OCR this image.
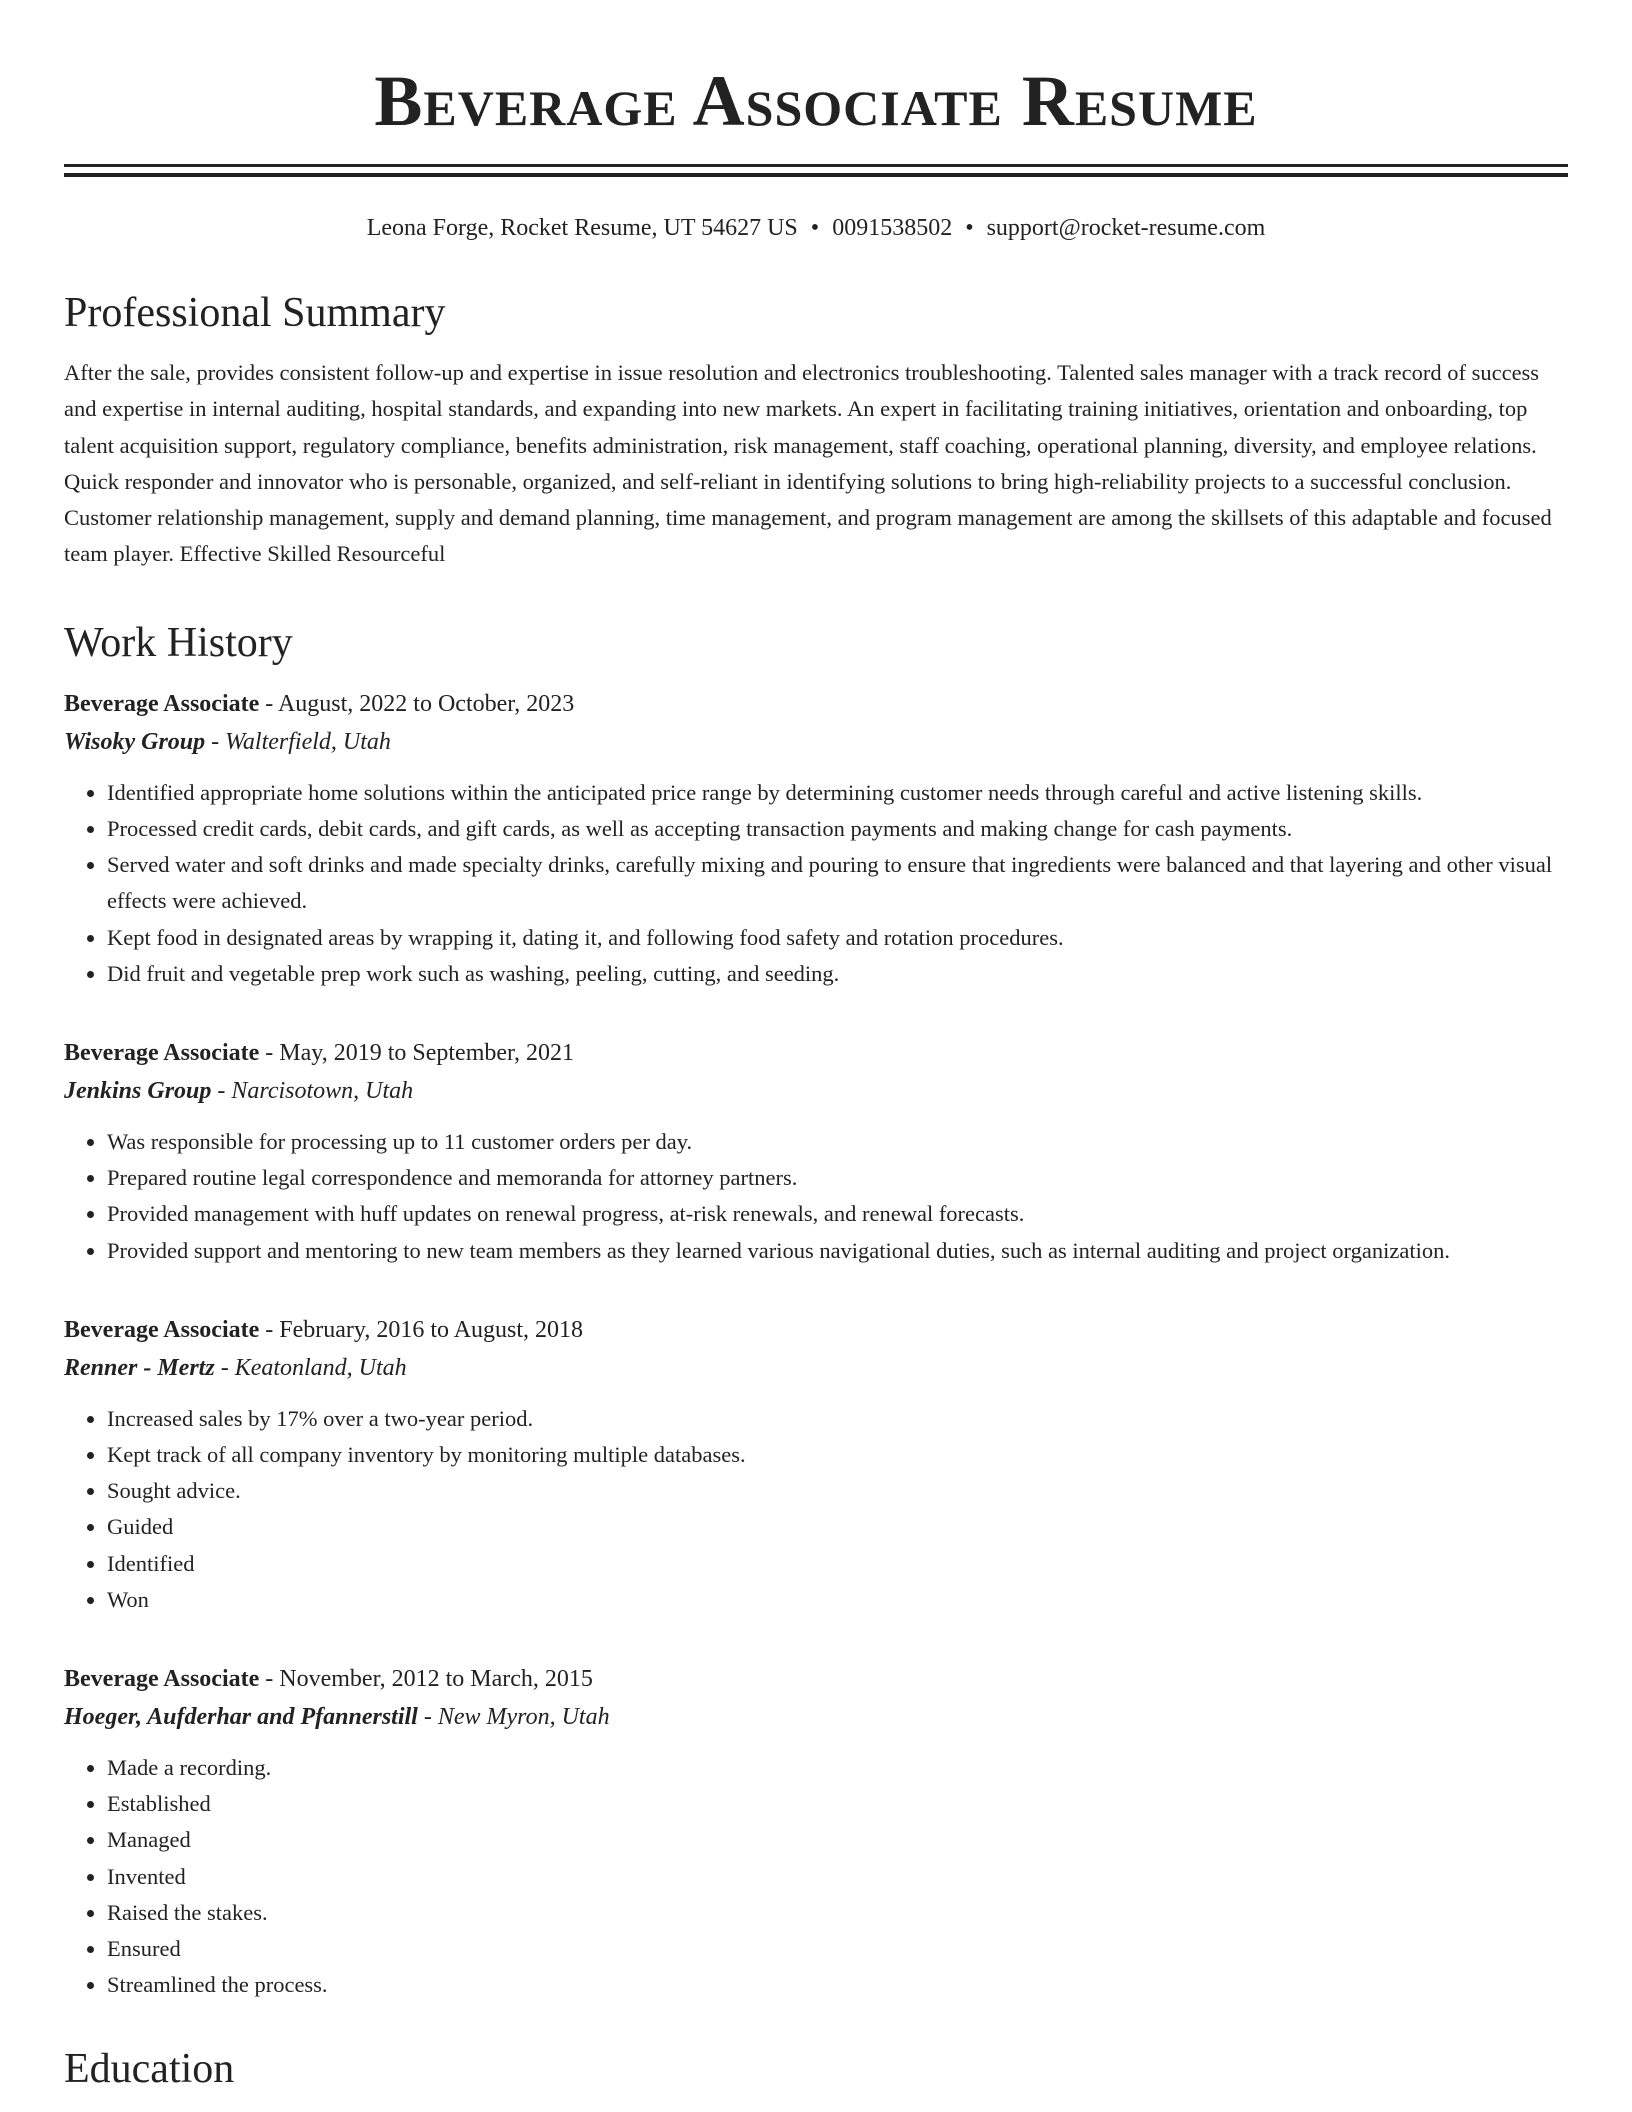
Beverage Associate Resume
Leona Forge, Rocket Resume, UT 54627 US • 0091538502 • support@rocket-resume.com
Professional Summary

After the sale, provides consistent follow-up and expertise in issue resolution and electronics troubleshooting. Talented sales manager with a track record of success and expertise in internal auditing, hospital standards, and expanding into new markets. An expert in facilitating training initiatives, orientation and onboarding, top talent acquisition support, regulatory compliance, benefits administration, risk management, staff coaching, operational planning, diversity, and employee relations. Quick responder and innovator who is personable, organized, and self-reliant in identifying solutions to bring high-reliability projects to a successful conclusion. Customer relationship management, supply and demand planning, time management, and program management are among the skillsets of this adaptable and focused team player. Effective Skilled Resourceful

Work History
Beverage Associate - August, 2022 to October, 2023
Wisoky Group - Walterfield, Utah
• Identified appropriate home solutions within the anticipated price range by determining customer needs through careful and active listening skills.
• Processed credit cards, debit cards, and gift cards, as well as accepting transaction payments and making change for cash payments.
• Served water and soft drinks and made specialty drinks, carefully mixing and pouring to ensure that ingredients were balanced and that layering and other visual effects were achieved.
• Kept food in designated areas by wrapping it, dating it, and following food safety and rotation procedures.
• Did fruit and vegetable prep work such as washing, peeling, cutting, and seeding.
Beverage Associate - May, 2019 to September, 2021
Jenkins Group - Narcisotown, Utah
• Was responsible for processing up to 11 customer orders per day.
• Prepared routine legal correspondence and memoranda for attorney partners.
• Provided management with huff updates on renewal progress, at-risk renewals, and renewal forecasts.
• Provided support and mentoring to new team members as they learned various navigational duties, such as internal auditing and project organization.
Beverage Associate - February, 2016 to August, 2018
Renner - Mertz - Keatonland, Utah
• Increased sales by 17% over a two-year period.
• Kept track of all company inventory by monitoring multiple databases.
• Sought advice.
• Guided
• Identified
• Won
Beverage Associate - November, 2012 to March, 2015
Hoeger, Aufderhar and Pfannerstill - New Myron, Utah
• Made a recording.
• Established
• Managed
• Invented
• Raised the stakes.
• Ensured
• Streamlined the process.
Education
